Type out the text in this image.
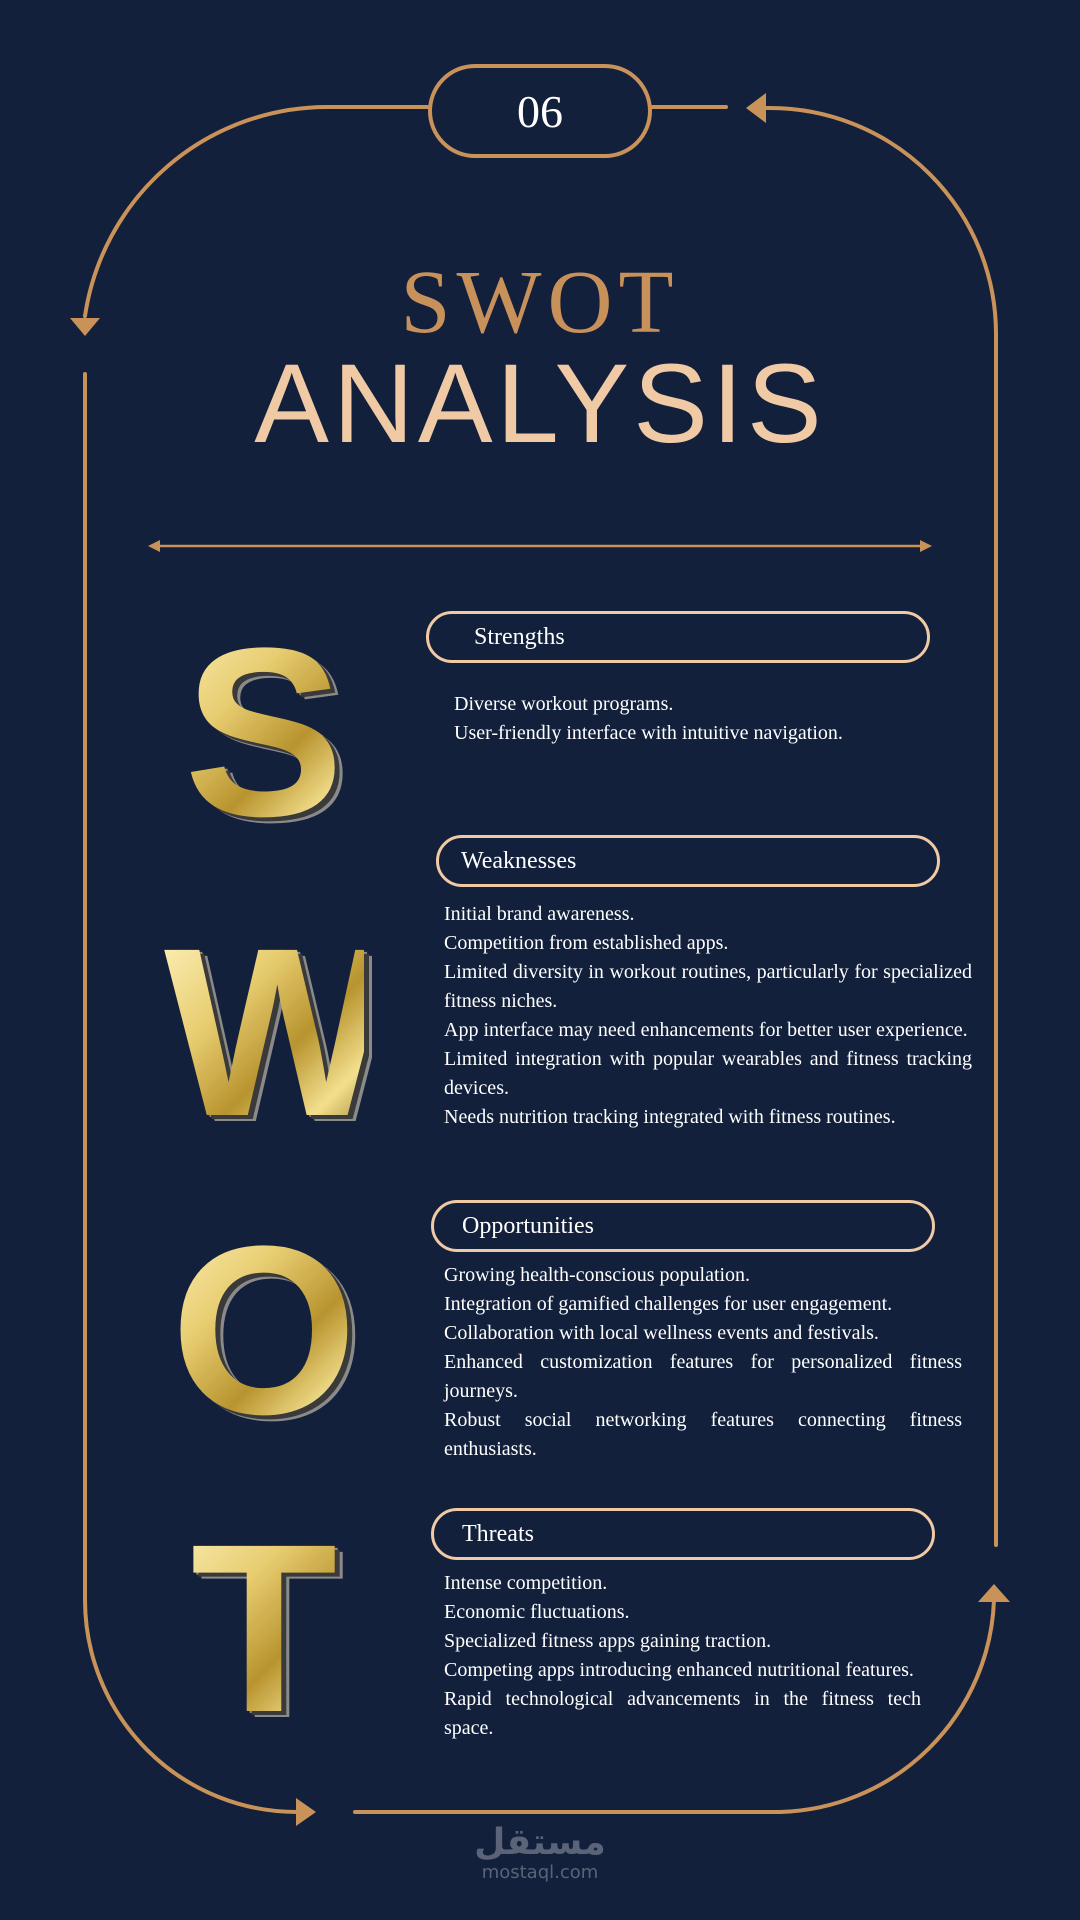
06
SWOT
ANALYSIS
S
W
O
T
Strengths
Diverse workout programs.
User-friendly interface with intuitive navigation.
Weaknesses
Initial brand awareness.
Competition from established apps.
Limited diversity in workout routines, particularly for specialized fitness niches.
App interface may need enhancements for better user experience.
Limited integration with popular wearables and fitness tracking devices.
Needs nutrition tracking integrated with fitness routines.
Opportunities
Growing health-conscious population.
Integration of gamified challenges for user engagement.
Collaboration with local wellness events and festivals.
Enhanced customization features for personalized fitness journeys.
Robust social networking features connecting fitness enthusiasts.
Threats
Intense competition.
Economic fluctuations.
Specialized fitness apps gaining traction.
Competing apps introducing enhanced nutritional features.
Rapid technological advancements in the fitness tech space.
مستقل
mostaql.com
